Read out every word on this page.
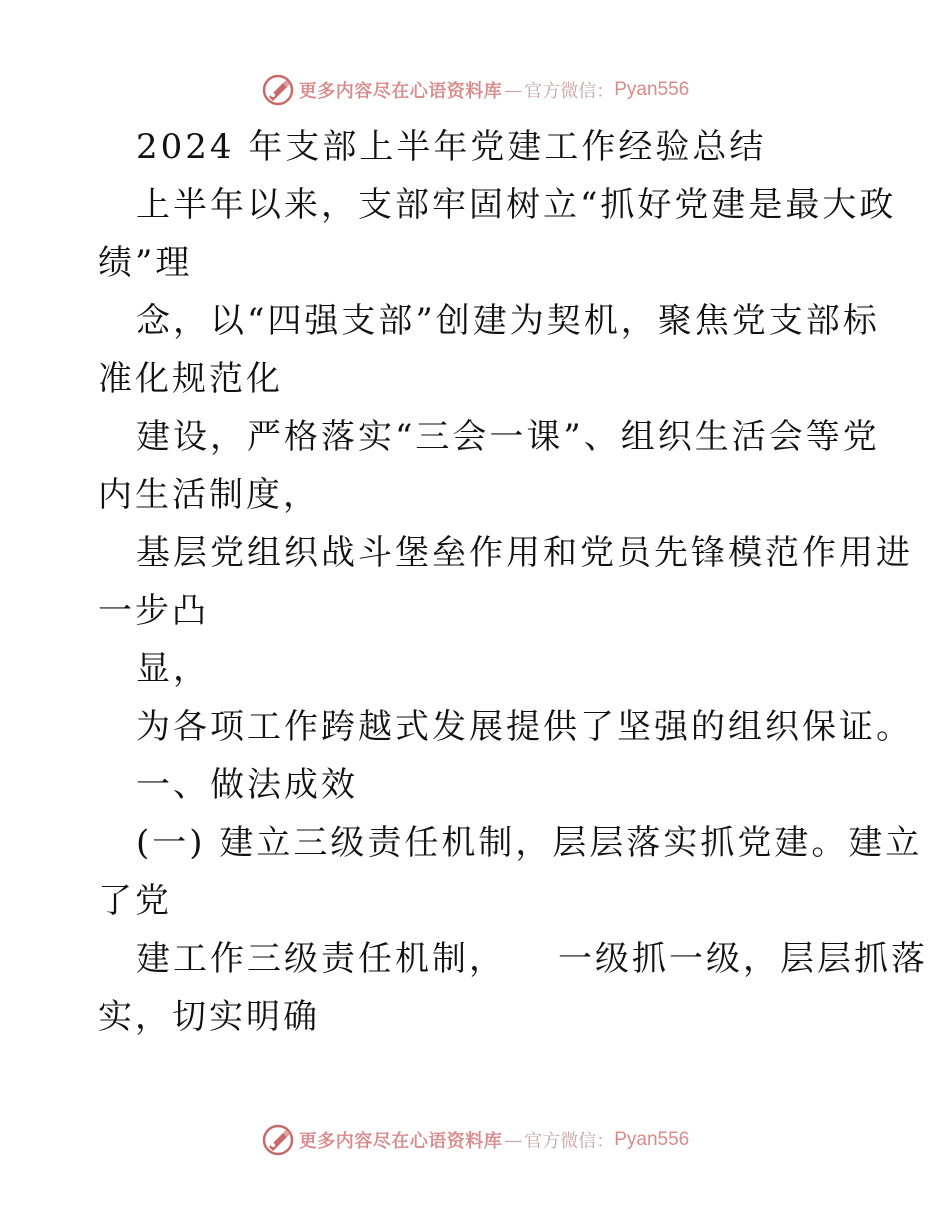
更多内容尽在心语资料库 — 官方微信： Pyan556
2024 年支部上半年党建工作经验总结
上半年以来，支部牢固树立“抓好党建是最大政
绩”理
念，以“四强支部”创建为契机，聚焦党支部标
准化规范化
建设，严格落实“三会一课”、组织生活会等党
内生活制度，
基层党组织战斗堡垒作用和党员先锋模范作用进
一步凸
显，
为各项工作跨越式发展提供了坚强的组织保证。
一、做法成效
(一) 建立三级责任机制，层层落实抓党建。建立
了党
建工作三级责任机制， 一级抓一级，层层抓落
实，切实明确
更多内容尽在心语资料库 — 官方微信： Pyan556
